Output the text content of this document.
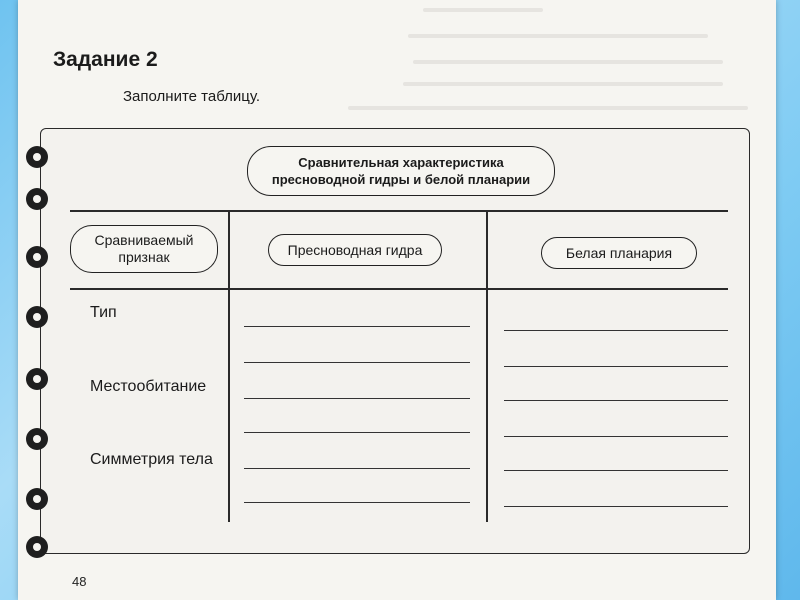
Задание 2
Заполните таблицу.
Сравнительная характеристика
пресноводной гидры и белой планарии
Сравниваемый
признак	Пресноводная гидра	Белая планария
Тип
Местообитание
Симметрия тела
48
